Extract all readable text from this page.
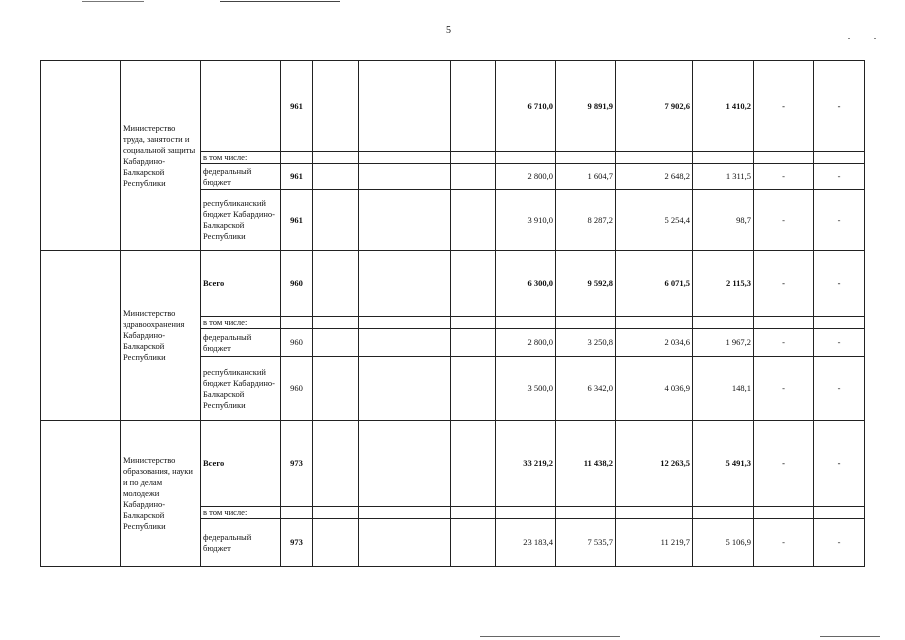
5
	Министерство труда, занятости и социальной защиты Кабардино-Балкарской Республики		961				6 710,0	9 891,9	7 902,6	1 410,2	-	-
		в том числе:										
		федеральный бюджет	961				2 800,0	1 604,7	2 648,2	1 311,5	-	-
		республиканский бюджет Кабардино-Балкарской Республики	961				3 910,0	8 287,2	5 254,4	98,7	-	-
	Министерство здравоохранения Кабардино-Балкарской Республики	Всего	960				6 300,0	9 592,8	6 071,5	2 115,3	-	-
		в том числе:										
		федеральный бюджет	960				2 800,0	3 250,8	2 034,6	1 967,2	-	-
		республиканский бюджет Кабардино-Балкарской Республики	960				3 500,0	6 342,0	4 036,9	148,1	-	-
	Министерство образования, науки и по делам молодежи Кабардино-Балкарской Республики	Всего	973				33 219,2	11 438,2	12 263,5	5 491,3	-	-
		в том числе:										
		федеральный бюджет	973				23 183,4	7 535,7	11 219,7	5 106,9	-	-
